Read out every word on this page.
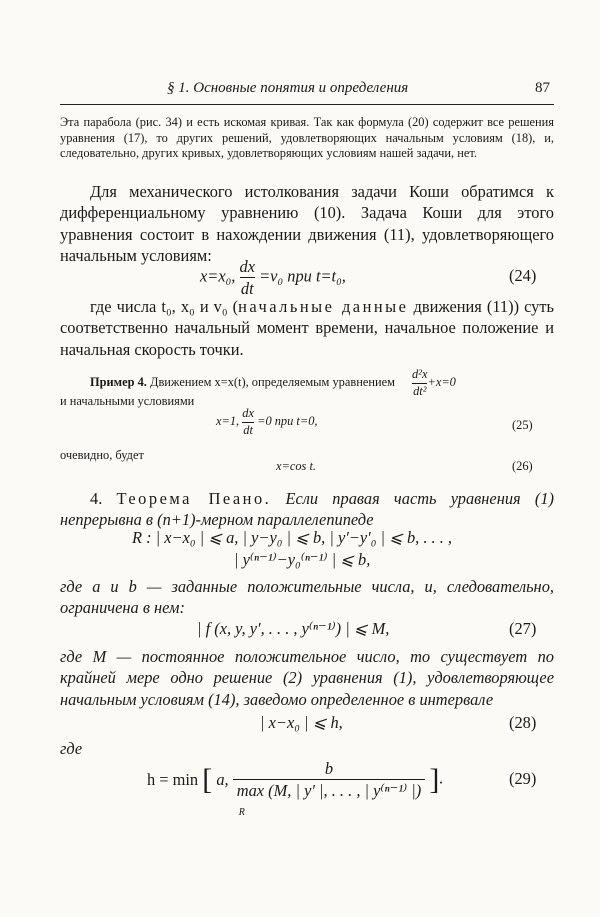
§ 1. Основные понятия и определения	87

Эта парабола (рис. 34) и есть искомая кривая. Так как формула (20) содержит все решения уравнения (17), то других решений, удовлетворяющих начальным условиям (18), и, следовательно, других кривых, удовлетворяющих условиям нашей задачи, нет.

Для механического истолкования задачи Коши обратимся к дифференциальному уравнению (10). Задача Коши для этого уравнения состоит в нахождении движения (11), удовлетворяющего начальным условиям:

x=x₀, $\frac{dx}{dt} =v_0$ при t=t₀,	(24)

где числа t₀, x₀ и v₀ (начальные данные движения (11)) суть соответственно начальный момент времени, начальное положение и начальная скорость точки.

Пример 4. Движением x=x(t), определяемым уравнением $\frac{\text{d²x}}{\text{dt²}} +x=0$
и начальными условиями
x=1, $\frac{dx}{dt} =0$ при t=0,	(25)
очевидно, будет
x=cos t.	(26)

4. Теорема Пеано. Если правая часть уравнения (1) непрерывна в (n+1)-мерном параллелепипеде

R : | x−x₀ | ⩽ a, | y−y₀ | ⩽ b, | y′−y′₀ | ⩽ b, . . . ,
| y⁽ⁿ⁻¹⁾−y₀⁽ⁿ⁻¹⁾ | ⩽ b,

где a и b — заданные положительные числа, и, следовательно, ограничена в нем:

| f (x, y, y′, . . . , y⁽ⁿ⁻¹⁾) | ⩽ M,	(27)

где M — постоянное положительное число, то существует по крайней мере одно решение (2) уравнения (1), удовлетворяющее начальным условиям (14), заведомо определенное в интервале

| x−x₀ | ⩽ h,	(28)
где
h = min [ a,
b
max (M, | y′ |, . . . , | y⁽ⁿ⁻¹⁾ |)
R
].	(29)
